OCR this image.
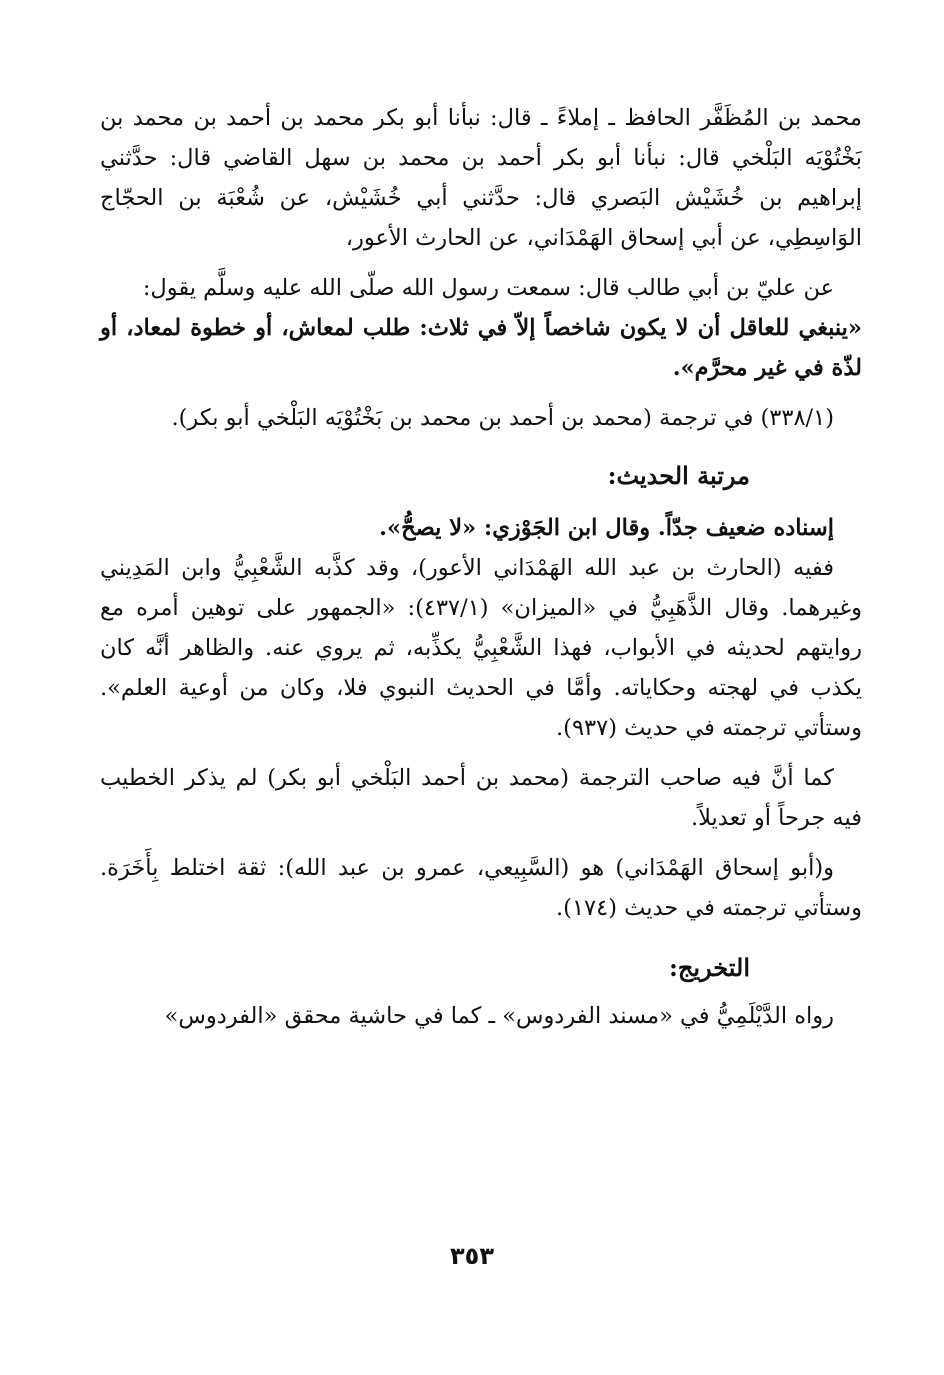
محمد بن المُظَفَّر الحافظ ـ إملاءً ـ قال: نبأنا أبو بكر محمد بن أحمد بن محمد بن بَخْتُوْيَه البَلْخي قال: نبأنا أبو بكر أحمد بن محمد بن سهل القاضي قال: حدَّثني إبراهيم بن خُشَيْش البَصري قال: حدَّثني أبي خُشَيْش، عن شُعْبَة بن الحجّاج الوَاسِطِي، عن أبي إسحاق الهَمْدَاني، عن الحارث الأعور،

عن عليّ بن أبي طالب قال: سمعت رسول الله صلّى الله عليه وسلَّم يقول:
«ينبغي للعاقل أن لا يكون شاخصاً إلاّ في ثلاث: طلب لمعاش، أو خطوة لمعاد، أو لذّة في غير محرَّم».

(٣٣٨/١) في ترجمة (محمد بن أحمد بن محمد بن بَخْتُوْيَه البَلْخي أبو بكر).

مرتبة الحديث:

إسناده ضعيف جدّاً. وقال ابن الجَوْزي: «لا يصحُّ».

ففيه (الحارث بن عبد الله الهَمْدَاني الأعور)، وقد كذَّبه الشَّعْبِيُّ وابن المَدِيني وغيرهما. وقال الذَّهَبِيُّ في «الميزان» (٤٣٧/١): «الجمهور على توهين أمره مع روايتهم لحديثه في الأبواب، فهذا الشَّعْبِيُّ يكذِّبه، ثم يروي عنه. والظاهر أنَّه كان يكذب في لهجته وحكاياته. وأمَّا في الحديث النبوي فلا، وكان من أوعية العلم». وستأتي ترجمته في حديث (٩٣٧).

كما أنَّ فيه صاحب الترجمة (محمد بن أحمد البَلْخي أبو بكر) لم يذكر الخطيب فيه جرحاً أو تعديلاً.

و(أبو إسحاق الهَمْدَاني) هو (السَّبِيعي، عمرو بن عبد الله): ثقة اختلط بِأَخَرَة. وستأتي ترجمته في حديث (١٧٤).

التخريج:

رواه الدَّيْلَمِيُّ في «مسند الفردوس» ـ كما في حاشية محقق «الفردوس»

٣٥٣
